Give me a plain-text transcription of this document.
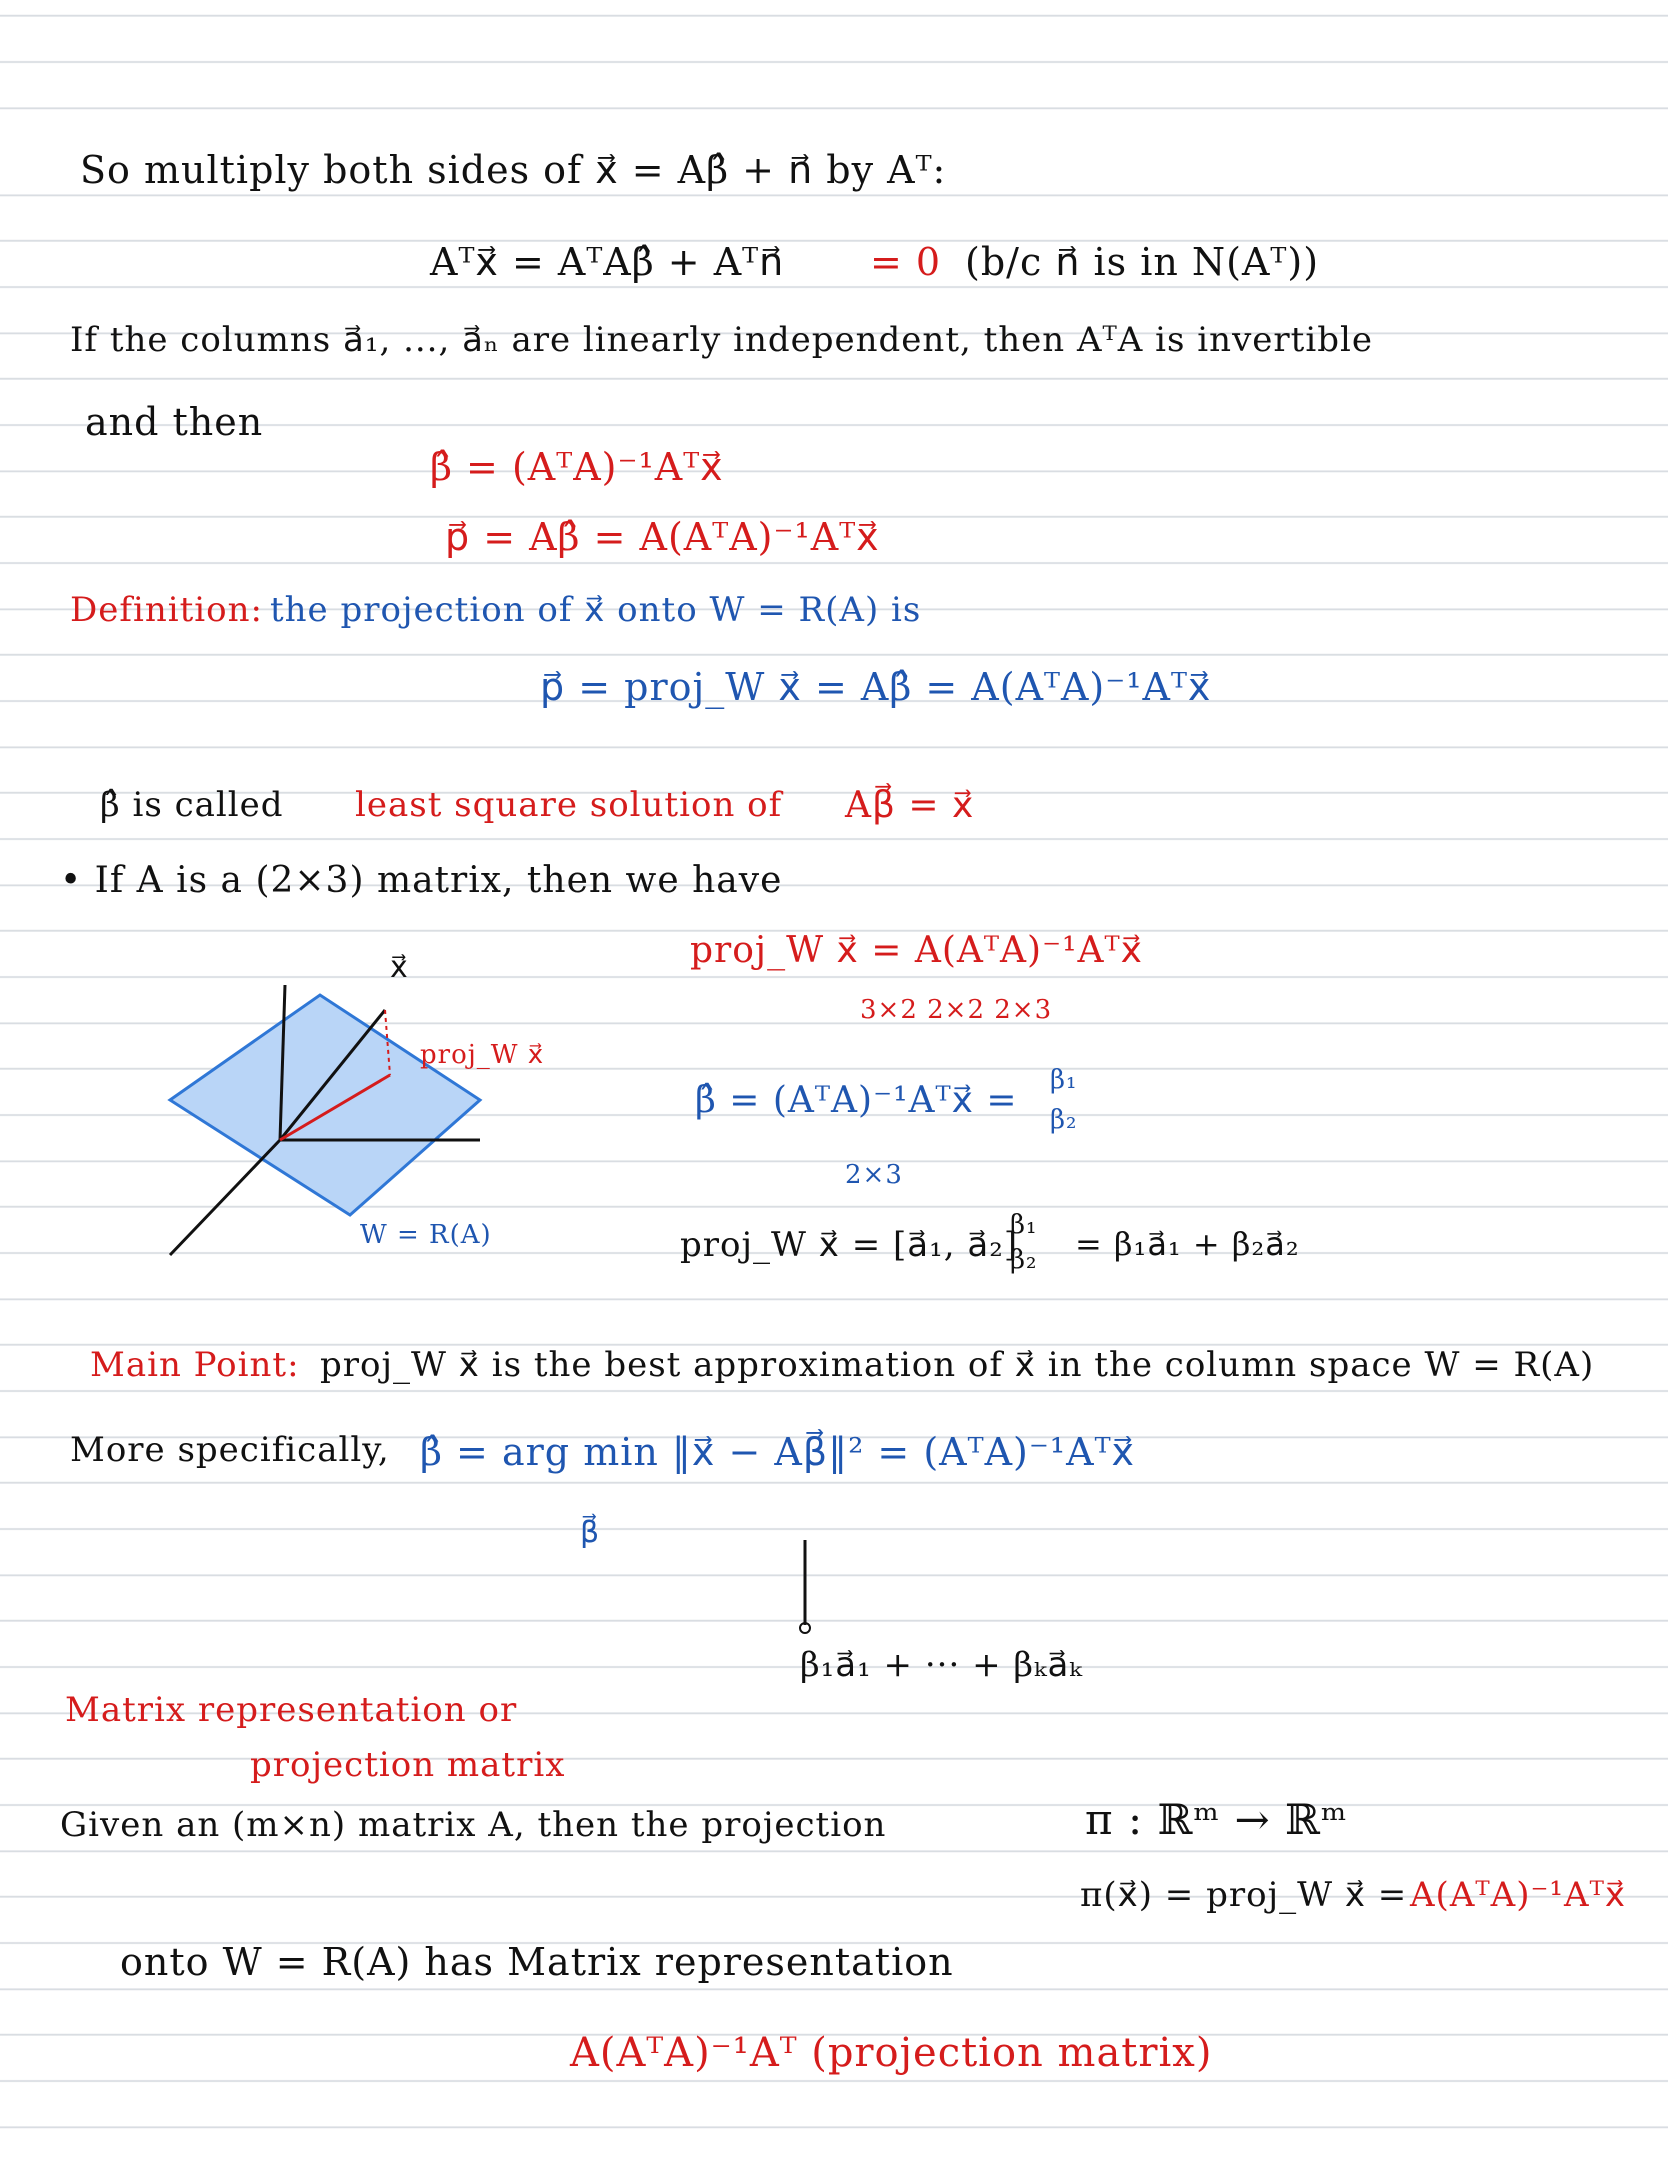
So multiply both sides of x⃗ = Aβ̂ + n⃗ by Aᵀ:
Aᵀx⃗ = AᵀAβ̂ + Aᵀn⃗ = 0 (b/c n⃗ is in N(Aᵀ))
If the columns a⃗₁, ..., a⃗ₙ are linearly independent, then AᵀA is invertible
and then
β̂ = (AᵀA)⁻¹Aᵀx⃗
p⃗ = Aβ̂ = A(AᵀA)⁻¹Aᵀx⃗
Definition: the projection of x⃗ onto W = R(A) is
p⃗ = proj_W x⃗ = Aβ̂ = A(AᵀA)⁻¹Aᵀx⃗
β̂ is called least square solution of Aβ⃗ = x⃗
• If A is a (2×3) matrix, then we have
x⃗
proj_W x⃗
W = R(A)
proj_W x⃗ = A(AᵀA)⁻¹Aᵀx⃗
3×2 2×2 2×3
β̂ = (AᵀA)⁻¹Aᵀx⃗ = β₁
β₂
2×3
proj_W x⃗ = [a⃗₁, a⃗₂]
β₁
β₂ = β₁a⃗₁ + β₂a⃗₂
Main Point: proj_W x⃗ is the best approximation of x⃗ in the column space W = R(A)
More specifically, β̂ = arg min ‖x⃗ − Aβ⃗‖² = (AᵀA)⁻¹Aᵀx⃗
β⃗
β₁a⃗₁ + ··· + βₖa⃗ₖ
Matrix representation or
projection matrix
Given an (m×n) matrix A, then the projection	π : ℝᵐ → ℝᵐ
π(x⃗) = proj_W x⃗ = A(AᵀA)⁻¹Aᵀx⃗
onto W = R(A) has Matrix representation
A(AᵀA)⁻¹Aᵀ (projection matrix)
